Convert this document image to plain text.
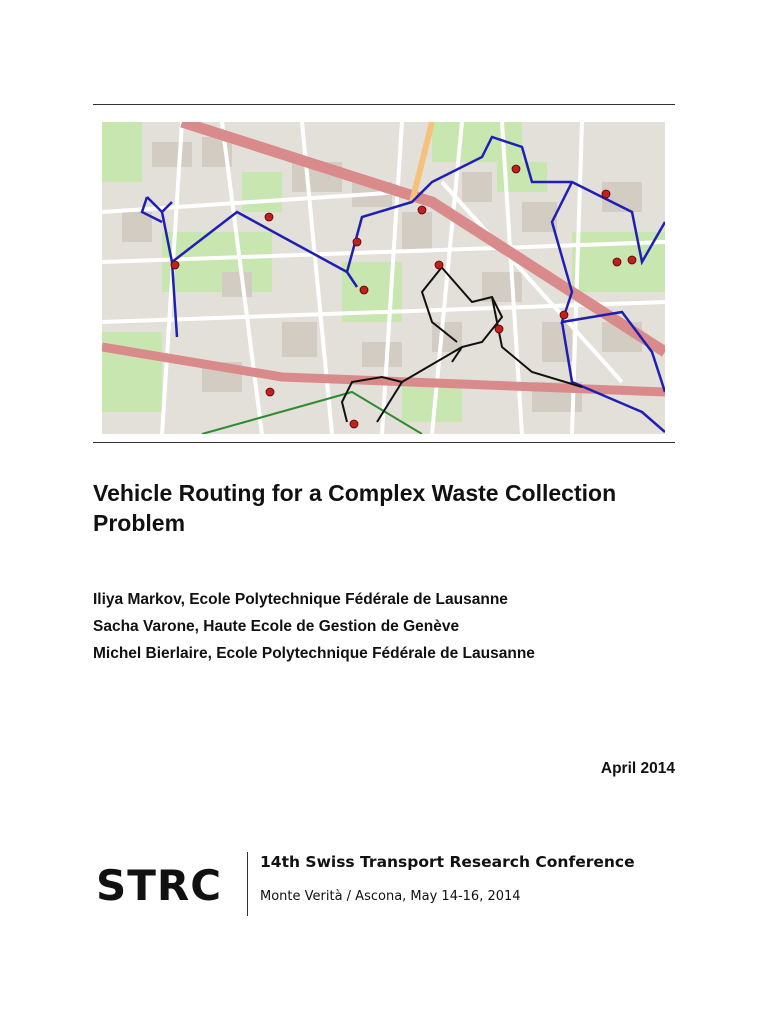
Vehicle Routing for a Complex Waste Collection Problem
Iliya Markov, Ecole Polytechnique Fédérale de Lausanne
Sacha Varone, Haute Ecole de Gestion de Genève
Michel Bierlaire, Ecole Polytechnique Fédérale de Lausanne
April 2014
STRC 14th Swiss Transport Research Conference
Monte Verità / Ascona, May 14-16, 2014
